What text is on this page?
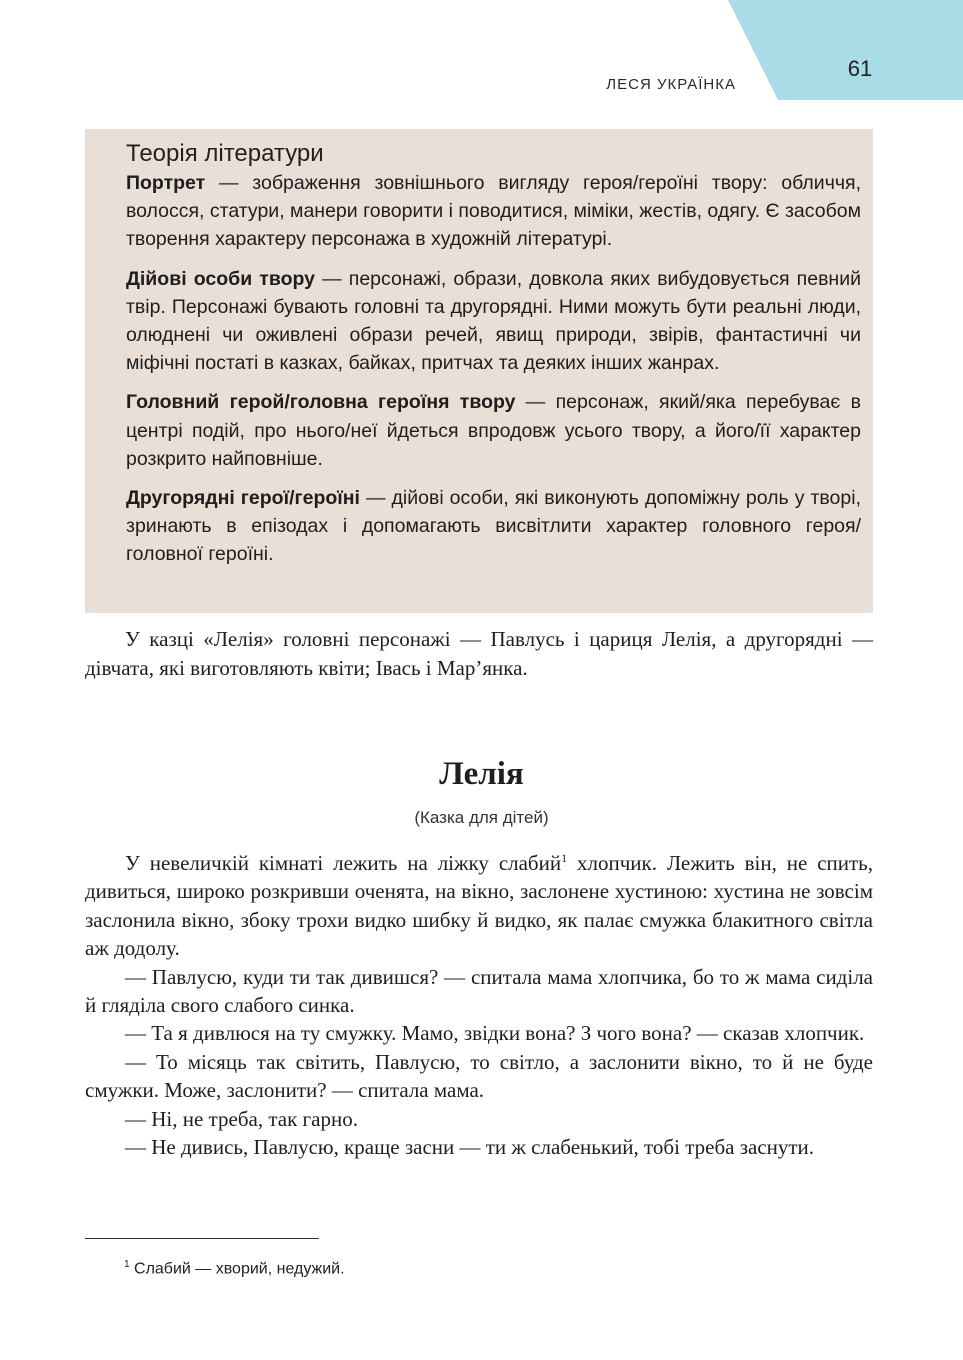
61
ЛЕСЯ УКРАЇНКА

Теорія літератури

Портрет — зображення зовнішнього вигляду героя/героїні твору: обличчя, волосся, статури, манери говорити і поводитися, міміки, жестів, одягу. Є засобом творення характеру персонажа в художній літературі.

Дійові особи твору — персонажі, образи, довкола яких вибудовується певний твір. Персонажі бувають головні та другорядні. Ними можуть бути реальні люди, олюднені чи оживлені образи речей, явищ природи, звірів, фантастичні чи міфічні постаті в казках, байках, притчах та деяких інших жанрах.

Головний герой/головна героїня твору — персонаж, який/яка перебуває в центрі подій, про нього/неї йдеться впродовж усього твору, а його/її характер розкрито найповніше.

Другорядні герої/героїні — дійові особи, які виконують допоміжну роль у творі, зринають в епізодах і допомагають висвітлити характер головного героя/головної героїні.

У казці «Лелія» головні персонажі — Павлусь і цариця Лелія, а другорядні — дівчата, які виготовляють квіти; Івась і Мар’янка.

Лелія
(Казка для дітей)

У невеличкій кімнаті лежить на ліжку слабий$^1$ хлопчик. Лежить він, не спить, дивиться, широко розкривши оченята, на вікно, заслонене хустиною: хустина не зовсім заслонила вікно, збоку трохи видко шибку й видко, як палає смужка блакитного світла аж додолу.

— Павлусю, куди ти так дивишся? — спитала мама хлопчика, бо то ж мама сиділа й глядiла свого слабого синка.

— Та я дивлюся на ту смужку. Мамо, звідки вона? З чого вона? — сказав хлопчик.

— То місяць так світить, Павлусю, то світло, а заслонити вікно, то й не буде смужки. Може, заслонити? — спитала мама.

— Ні, не треба, так гарно.

— Не дивись, Павлусю, краще засни — ти ж слабенький, тобі треба заснути.

$^1$ Слабий — хворий, недужий.
